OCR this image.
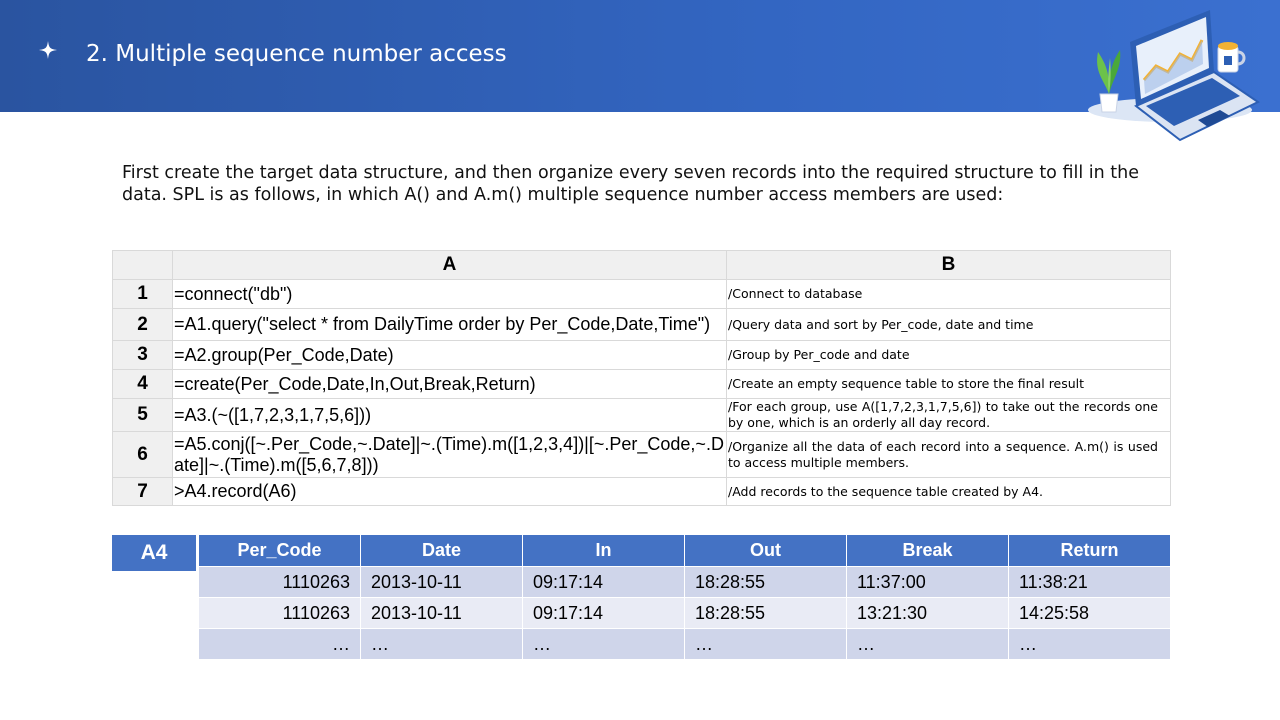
2. Multiple sequence number access
First create the target data structure, and then organize every seven records into the required structure to fill in the data. SPL is as follows, in which A() and A.m() multiple sequence number access members are used:
	A	B
1	=connect("db")	/Connect to database
2	=A1.query("select * from DailyTime order by Per_Code,Date,Time")	/Query data and sort by Per_code, date and time
3	=A2.group(Per_Code,Date)	/Group by Per_code and date
4	=create(Per_Code,Date,In,Out,Break,Return)	/Create an empty sequence table to store the final result
5	=A3.(~([1,7,2,3,1,7,5,6]))	/For each group, use A([1,7,2,3,1,7,5,6]) to take out the records one by one, which is an orderly all day record.
6	=A5.conj([~.Per_Code,~.Date]|~.(Time).m([1,2,3,4])|[~.Per_Code,~.Date]|~.(Time).m([5,6,7,8]))	/Organize all the data of each record into a sequence. A.m() is used to access multiple members.
7	>A4.record(A6)	/Add records to the sequence table created by A4.
A4	Per_Code	Date	In	Out	Break	Return
1110263	2013-10-11	09:17:14	18:28:55	11:37:00	11:38:21
1110263	2013-10-11	09:17:14	18:28:55	13:21:30	14:25:58
…	…	…	…	…	…
